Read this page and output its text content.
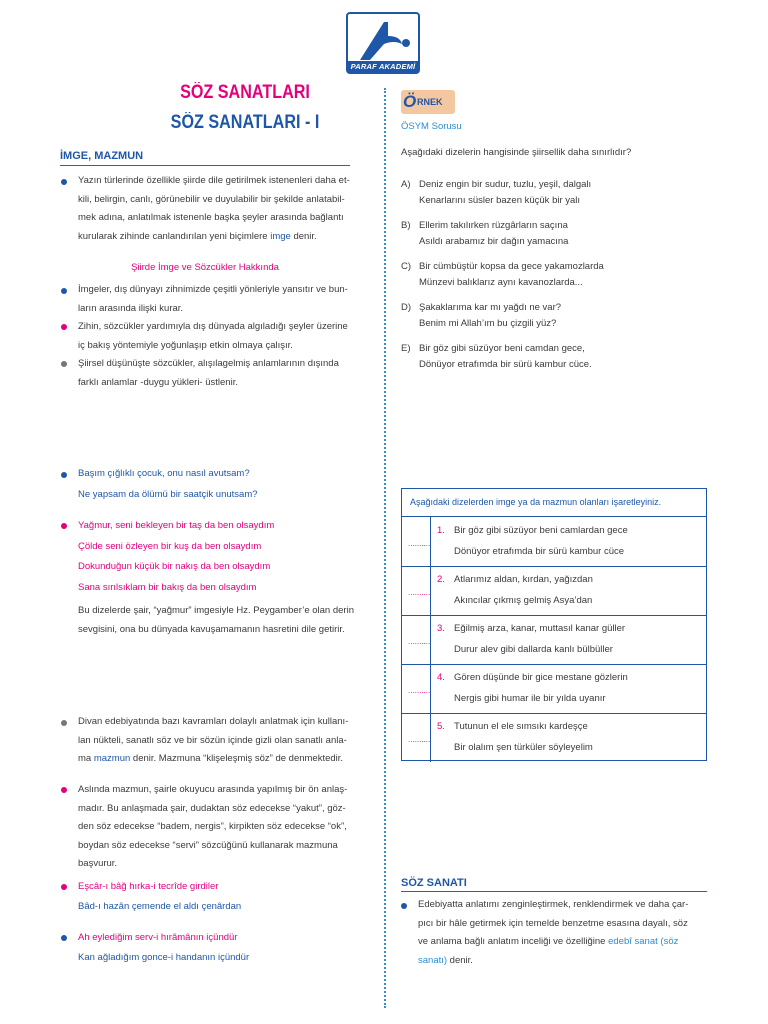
PARAF AKADEMİ
SÖZ SANATLARI
SÖZ SANATLARI - I
İMGE, MAZMUN

Yazın türlerinde özellikle şiirde dile getirilmek istenenleri daha et-

kili, belirgin, canlı, görünebilir ve duyulabilir bir şekilde anlatabil-

mek adına, anlatılmak istenenle başka şeyler arasında bağlantı

kurularak zihinde canlandırılan yeni biçimlere imge denir.

Şiirde İmge ve Sözcükler Hakkında

İmgeler, dış dünyayı zihnimizde çeşitli yönleriyle yansıtır ve bun-

ların arasında ilişki kurar.

Zihin, sözcükler yardımıyla dış dünyada algıladığı şeyler üzerine

iç bakış yöntemiyle yoğunlaşıp etkin olmaya çalışır.

Şiirsel düşünüşte sözcükler, alışılagelmiş anlamlarının dışında

farklı anlamlar -duygu yükleri- üstlenir.

Başım çığlıklı çocuk, onu nasıl avutsam?

Ne yapsam da ölümü bir saatçik unutsam?

Yağmur, seni bekleyen bir taş da ben olsaydım

Çölde seni özleyen bir kuş da ben olsaydım

Dokunduğun küçük bir nakış da ben olsaydım

Sana sırılsıklam bir bakış da ben olsaydım

Bu dizelerde şair, “yağmur” imgesiyle Hz. Peygamber’e olan derin

sevgisini, ona bu dünyada kavuşamamanın hasretini dile getirir.

Divan edebiyatında bazı kavramları dolaylı anlatmak için kullanı-

lan nükteli, sanatlı söz ve bir sözün içinde gizli olan sanatlı anla-

ma mazmun denir. Mazmuna “klişeleşmiş söz” de denmektedir.

Aslında mazmun, şairle okuyucu arasında yapılmış bir ön anlaş-

madır. Bu anlaşmada şair, dudaktan söz edecekse “yakut”, göz-

den söz edecekse “badem, nergis”, kirpikten söz edecekse “ok”,

boydan söz edecekse “servi” sözcüğünü kullanarak mazmuna

başvurur.

Eşcâr-ı bâğ hırka-i tecrîde girdiler

Bâd-ı hazân çemende el aldı çenârdan

Ah eylediğim serv-i hırâmânın içündür

Kan ağladığım gonce-i handanın içündür

Ö RNEK
ÖSYM Sorusu
Aşağıdaki dizelerin hangisinde şiirsellik daha sınırlıdır?
A) Deniz engin bir sudur, tuzlu, yeşil, dalgalı
Kenarlarını süsler bazen küçük bir yalı
B) Ellerim takılırken rüzgârların saçına
Asıldı arabamız bir dağın yamacına
C) Bir cümbüştür kopsa da gece yakamozlarda
Münzevi balıklarız aynı kavanozlarda...
D) Şakaklarıma kar mı yağdı ne var?
Benim mi Allah’ım bu çizgili yüz?
E) Bir göz gibi süzüyor beni camdan gece,
Dönüyor etrafımda bir sürü kambur cüce.
Aşağıdaki dizelerden imge ya da mazmun olanları işaretleyiniz.
..........
1. Bir göz gibi süzüyor beni camlardan gece
Dönüyor etrafımda bir sürü kambur cüce
..........
2. Atlarımız aldan, kırdan, yağızdan
Akıncılar çıkmış gelmiş Asya’dan
..........
3. Eğilmiş arza, kanar, muttasıl kanar güller
Durur alev gibi dallarda kanlı bülbüller
..........
4. Gören düşünde bir gice mestane gözlerin
Nergis gibi humar ile bir yılda uyanır
..........
5. Tutunun el ele sımsıkı kardeşçe
Bir olalım şen türküler söyleyelim
SÖZ SANATI

Edebiyatta anlatımı zenginleştirmek, renklendirmek ve daha çar-

pıcı bir hâle getirmek için temelde benzetme esasına dayalı, söz

ve anlama bağlı anlatım inceliği ve özelliğine edebî sanat (söz

sanatı) denir.
